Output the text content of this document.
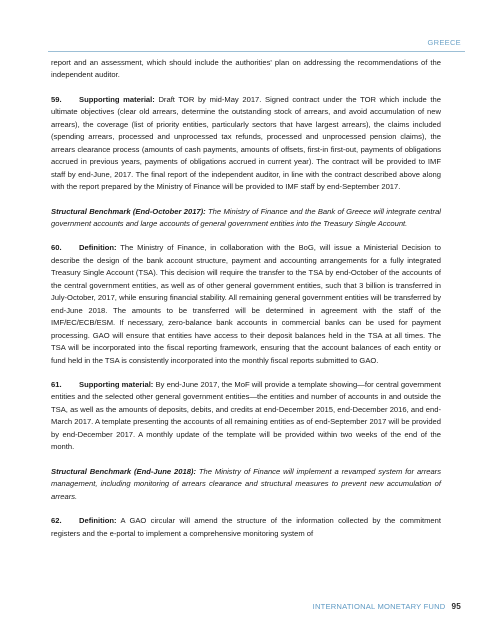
GREECE

report and an assessment, which should include the authorities' plan on addressing the recommendations of the independent auditor.

59. Supporting material: Draft TOR by mid-May 2017. Signed contract under the TOR which include the ultimate objectives (clear old arrears, determine the outstanding stock of arrears, and avoid accumulation of new arrears), the coverage (list of priority entities, particularly sectors that have largest arrears), the claims included (spending arrears, processed and unprocessed tax refunds, processed and unprocessed pension claims), the arrears clearance process (amounts of cash payments, amounts of offsets, first-in first-out, payments of obligations accrued in previous years, payments of obligations accrued in current year). The contract will be provided to IMF staff by end-June, 2017. The final report of the independent auditor, in line with the contract described above along with the report prepared by the Ministry of Finance will be provided to IMF staff by end-September 2017.

Structural Benchmark (End-October 2017): The Ministry of Finance and the Bank of Greece will integrate central government accounts and large accounts of general government entities into the Treasury Single Account.

60. Definition: The Ministry of Finance, in collaboration with the BoG, will issue a Ministerial Decision to describe the design of the bank account structure, payment and accounting arrangements for a fully integrated Treasury Single Account (TSA). This decision will require the transfer to the TSA by end-October of the accounts of the central government entities, as well as of other general government entities, such that 3 billion is transferred in July-October, 2017, while ensuring financial stability. All remaining general government entities will be transferred by end-June 2018. The amounts to be transferred will be determined in agreement with the staff of the IMF/EC/ECB/ESM. If necessary, zero-balance bank accounts in commercial banks can be used for payment processing. GAO will ensure that entities have access to their deposit balances held in the TSA at all times. The TSA will be incorporated into the fiscal reporting framework, ensuring that the account balances of each entity or fund held in the TSA is consistently incorporated into the monthly fiscal reports submitted to GAO.

61. Supporting material: By end-June 2017, the MoF will provide a template showing—for central government entities and the selected other general government entities—the entities and number of accounts in and outside the TSA, as well as the amounts of deposits, debits, and credits at end-December 2015, end-December 2016, and end-March 2017. A template presenting the accounts of all remaining entities as of end-September 2017 will be provided by end-December 2017. A monthly update of the template will be provided within two weeks of the end of the month.

Structural Benchmark (End-June 2018): The Ministry of Finance will implement a revamped system for arrears management, including monitoring of arrears clearance and structural measures to prevent new accumulation of arrears.

62. Definition: A GAO circular will amend the structure of the information collected by the commitment registers and the e-portal to implement a comprehensive monitoring system of

INTERNATIONAL MONETARY FUND 95
